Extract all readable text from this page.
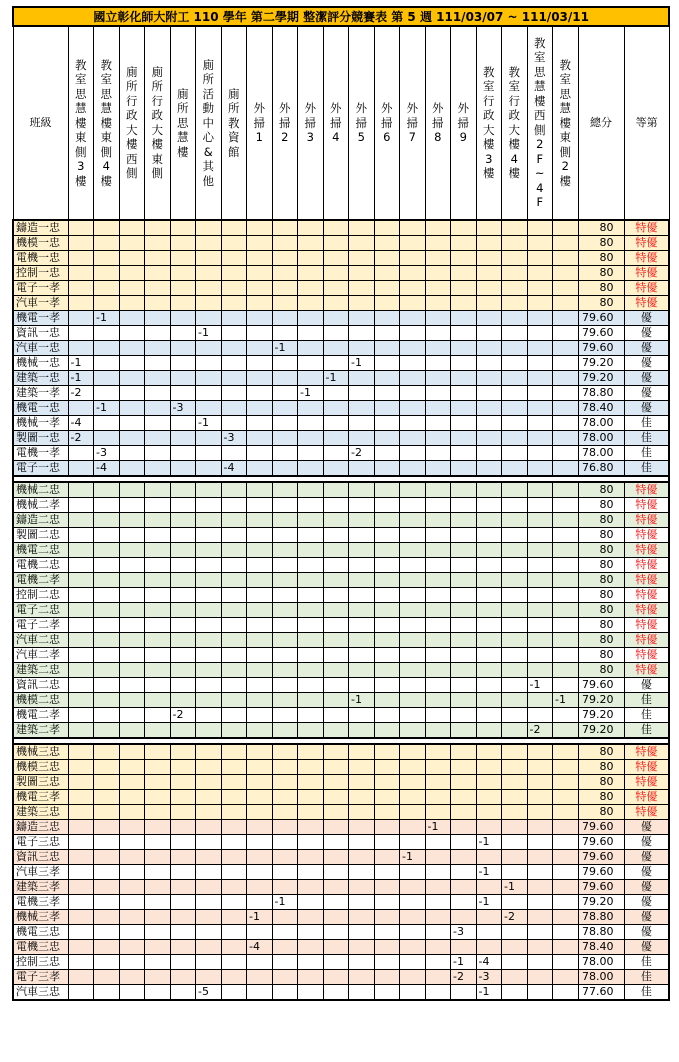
國立彰化師大附工 110 學年 第二學期 整潔評分競賽表 第 5 週 111/03/07 ~ 111/03/11																						
班級	教室思慧樓東側3樓	教室思慧樓東側4樓	廁所行政大樓西側	廁所行政大樓東側	廁所思慧樓	廁所活動中心&其他	廁所教資館	外掃1	外掃2	外掃3	外掃4	外掃5	外掃6	外掃7	外掃8	外掃9	教室行政大樓3樓	教室行政大樓4樓	教室思慧樓西側2F~4F	教室思慧樓東側2樓	總分	等第
鑄造一忠																					80	特優
機模一忠																					80	特優
電機一忠																					80	特優
控制一忠																					80	特優
電子一孝																					80	特優
汽車一孝																					80	特優
機電一孝		-1																			79.60	優
資訊一忠						-1															79.60	優
汽車一忠									-1												79.60	優
機械一忠	-1											-1									79.20	優
建築一忠	-1										-1										79.20	優
建築一孝	-2									-1											78.80	優
機電一忠		-1			-3																78.40	優
機械一孝	-4					-1															78.00	佳
製圖一忠	-2						-3														78.00	佳
電機一孝		-3										-2									78.00	佳
電子一忠		-4					-4														76.80	佳

機械二忠																					80	特優
機械二孝																					80	特優
鑄造二忠																					80	特優
製圖二忠																					80	特優
機電二忠																					80	特優
電機二忠																					80	特優
電機二孝																					80	特優
控制二忠																					80	特優
電子二忠																					80	特優
電子二孝																					80	特優
汽車二忠																					80	特優
汽車二孝																					80	特優
建築二忠																					80	特優
資訊二忠																			-1		79.60	優
機模二忠												-1								-1	79.20	佳
機電二孝					-2																79.20	佳
建築二孝																			-2		79.20	佳

機械三忠																					80	特優
機模三忠																					80	特優
製圖三忠																					80	特優
機電三孝																					80	特優
建築三忠																					80	特優
鑄造三忠															-1						79.60	優
電子三忠																	-1				79.60	優
資訊三忠														-1							79.60	優
汽車三孝																	-1				79.60	優
建築三孝																		-1			79.60	優
電機三孝									-1								-1				79.20	優
機械三孝								-1										-2			78.80	優
機電三忠																-3					78.80	優
電機三忠								-4													78.40	優
控制三忠																-1	-4				78.00	佳
電子三孝																-2	-3				78.00	佳
汽車三忠						-5											-1				77.60	佳
